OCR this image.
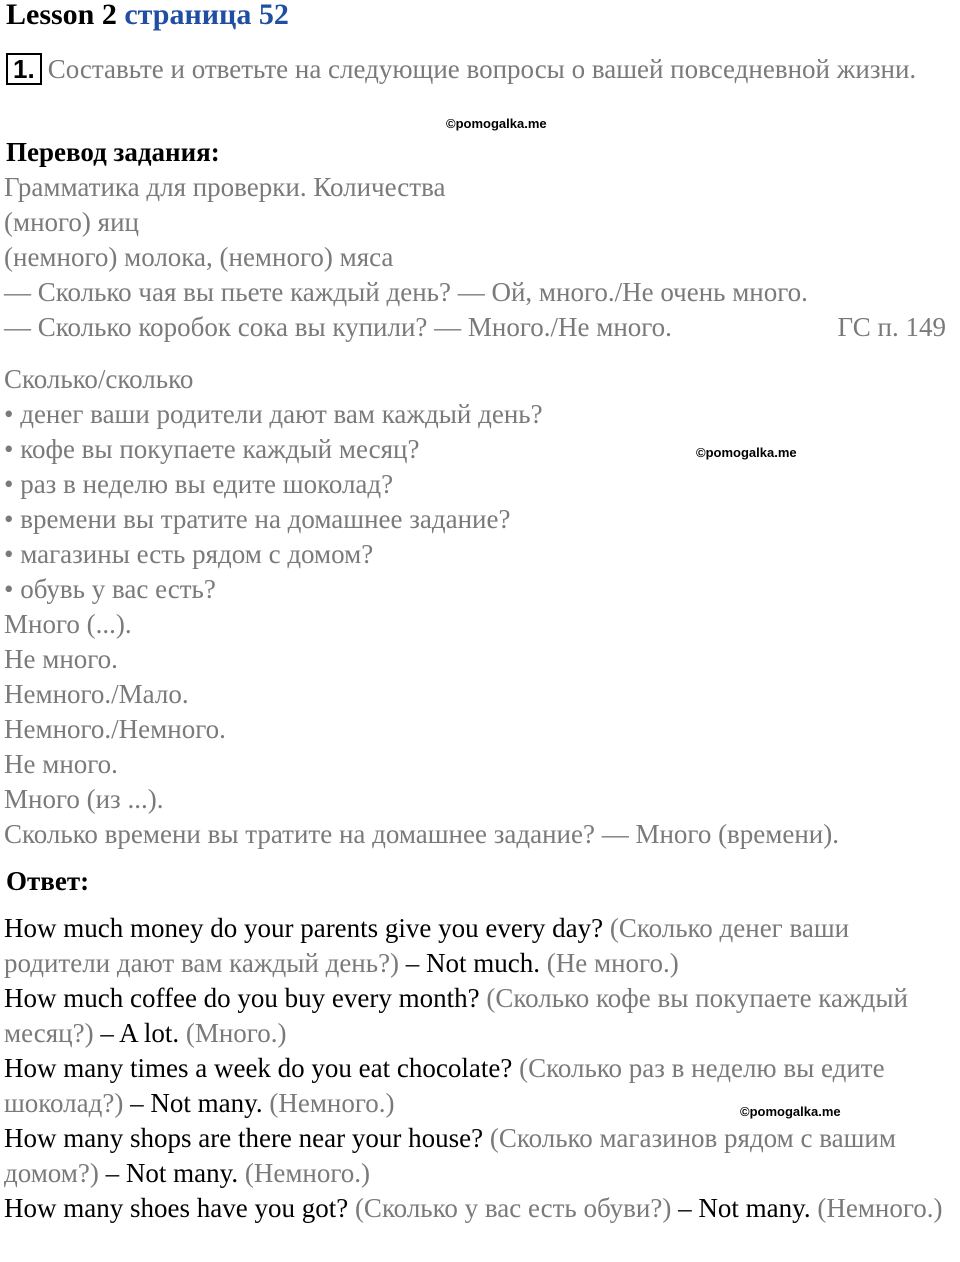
Lesson 2 страница 52
1. Составьте и ответьте на следующие вопросы о вашей повседневной жизни.
©pomogalka.me
Перевод задания:
Грамматика для проверки. Количества
(много) яиц
(немного) молока, (немного) мяса
— Сколько чая вы пьете каждый день? — Ой, много./Не очень много.
— Сколько коробок сока вы купили? — Много./Не много.	ГС п. 149
Сколько/сколько
• денег ваши родители дают вам каждый день?
• кофе вы покупаете каждый месяц?
• раз в неделю вы едите шоколад?
• времени вы тратите на домашнее задание?
• магазины есть рядом с домом?
• обувь у вас есть?
Много (...).
Не много.
Немного./Мало.
Немного./Немного.
Не много.
Много (из ...).
Сколько времени вы тратите на домашнее задание? — Много (времени).
©pomogalka.me
Ответ:

How much money do your parents give you every day? (Сколько денег ваши родители дают вам каждый день?) – Not much. (Не много.)

How much coffee do you buy every month? (Сколько кофе вы покупаете каждый месяц?) – A lot. (Много.)

How many times a week do you eat chocolate? (Сколько раз в неделю вы едите шоколад?) – Not many. (Немного.)

How many shops are there near your house? (Сколько магазинов рядом с вашим домом?) – Not many. (Немного.)

How many shoes have you got? (Сколько у вас есть обуви?) – Not many. (Немного.)

©pomogalka.me
